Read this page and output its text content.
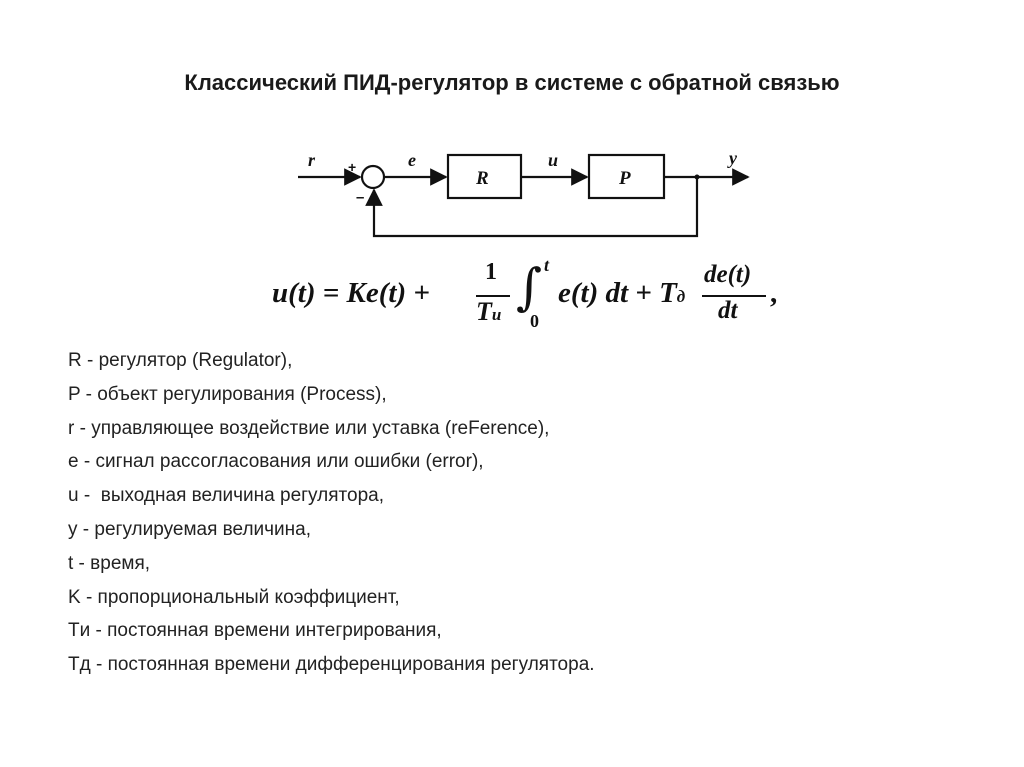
Классический ПИД-регулятор в системе с обратной связью
r +
–
e
R
u
P
y
u(t) = Ke(t) +
1
Tи ∫ t
0
e(t) dt + Tд
de(t)
dt
,
R - регулятор (Regulator),
P - объект регулирования (Process),
r - управляющее воздействие или уставка (reFerence),
e - сигнал рассогласования или ошибки (error),
u -  выходная величина регулятора,
y - регулируемая величина,
t - время,
K - пропорциональный коэффициент,
Tи - постоянная времени интегрирования,
Tд - постоянная времени дифференцирования регулятора.
